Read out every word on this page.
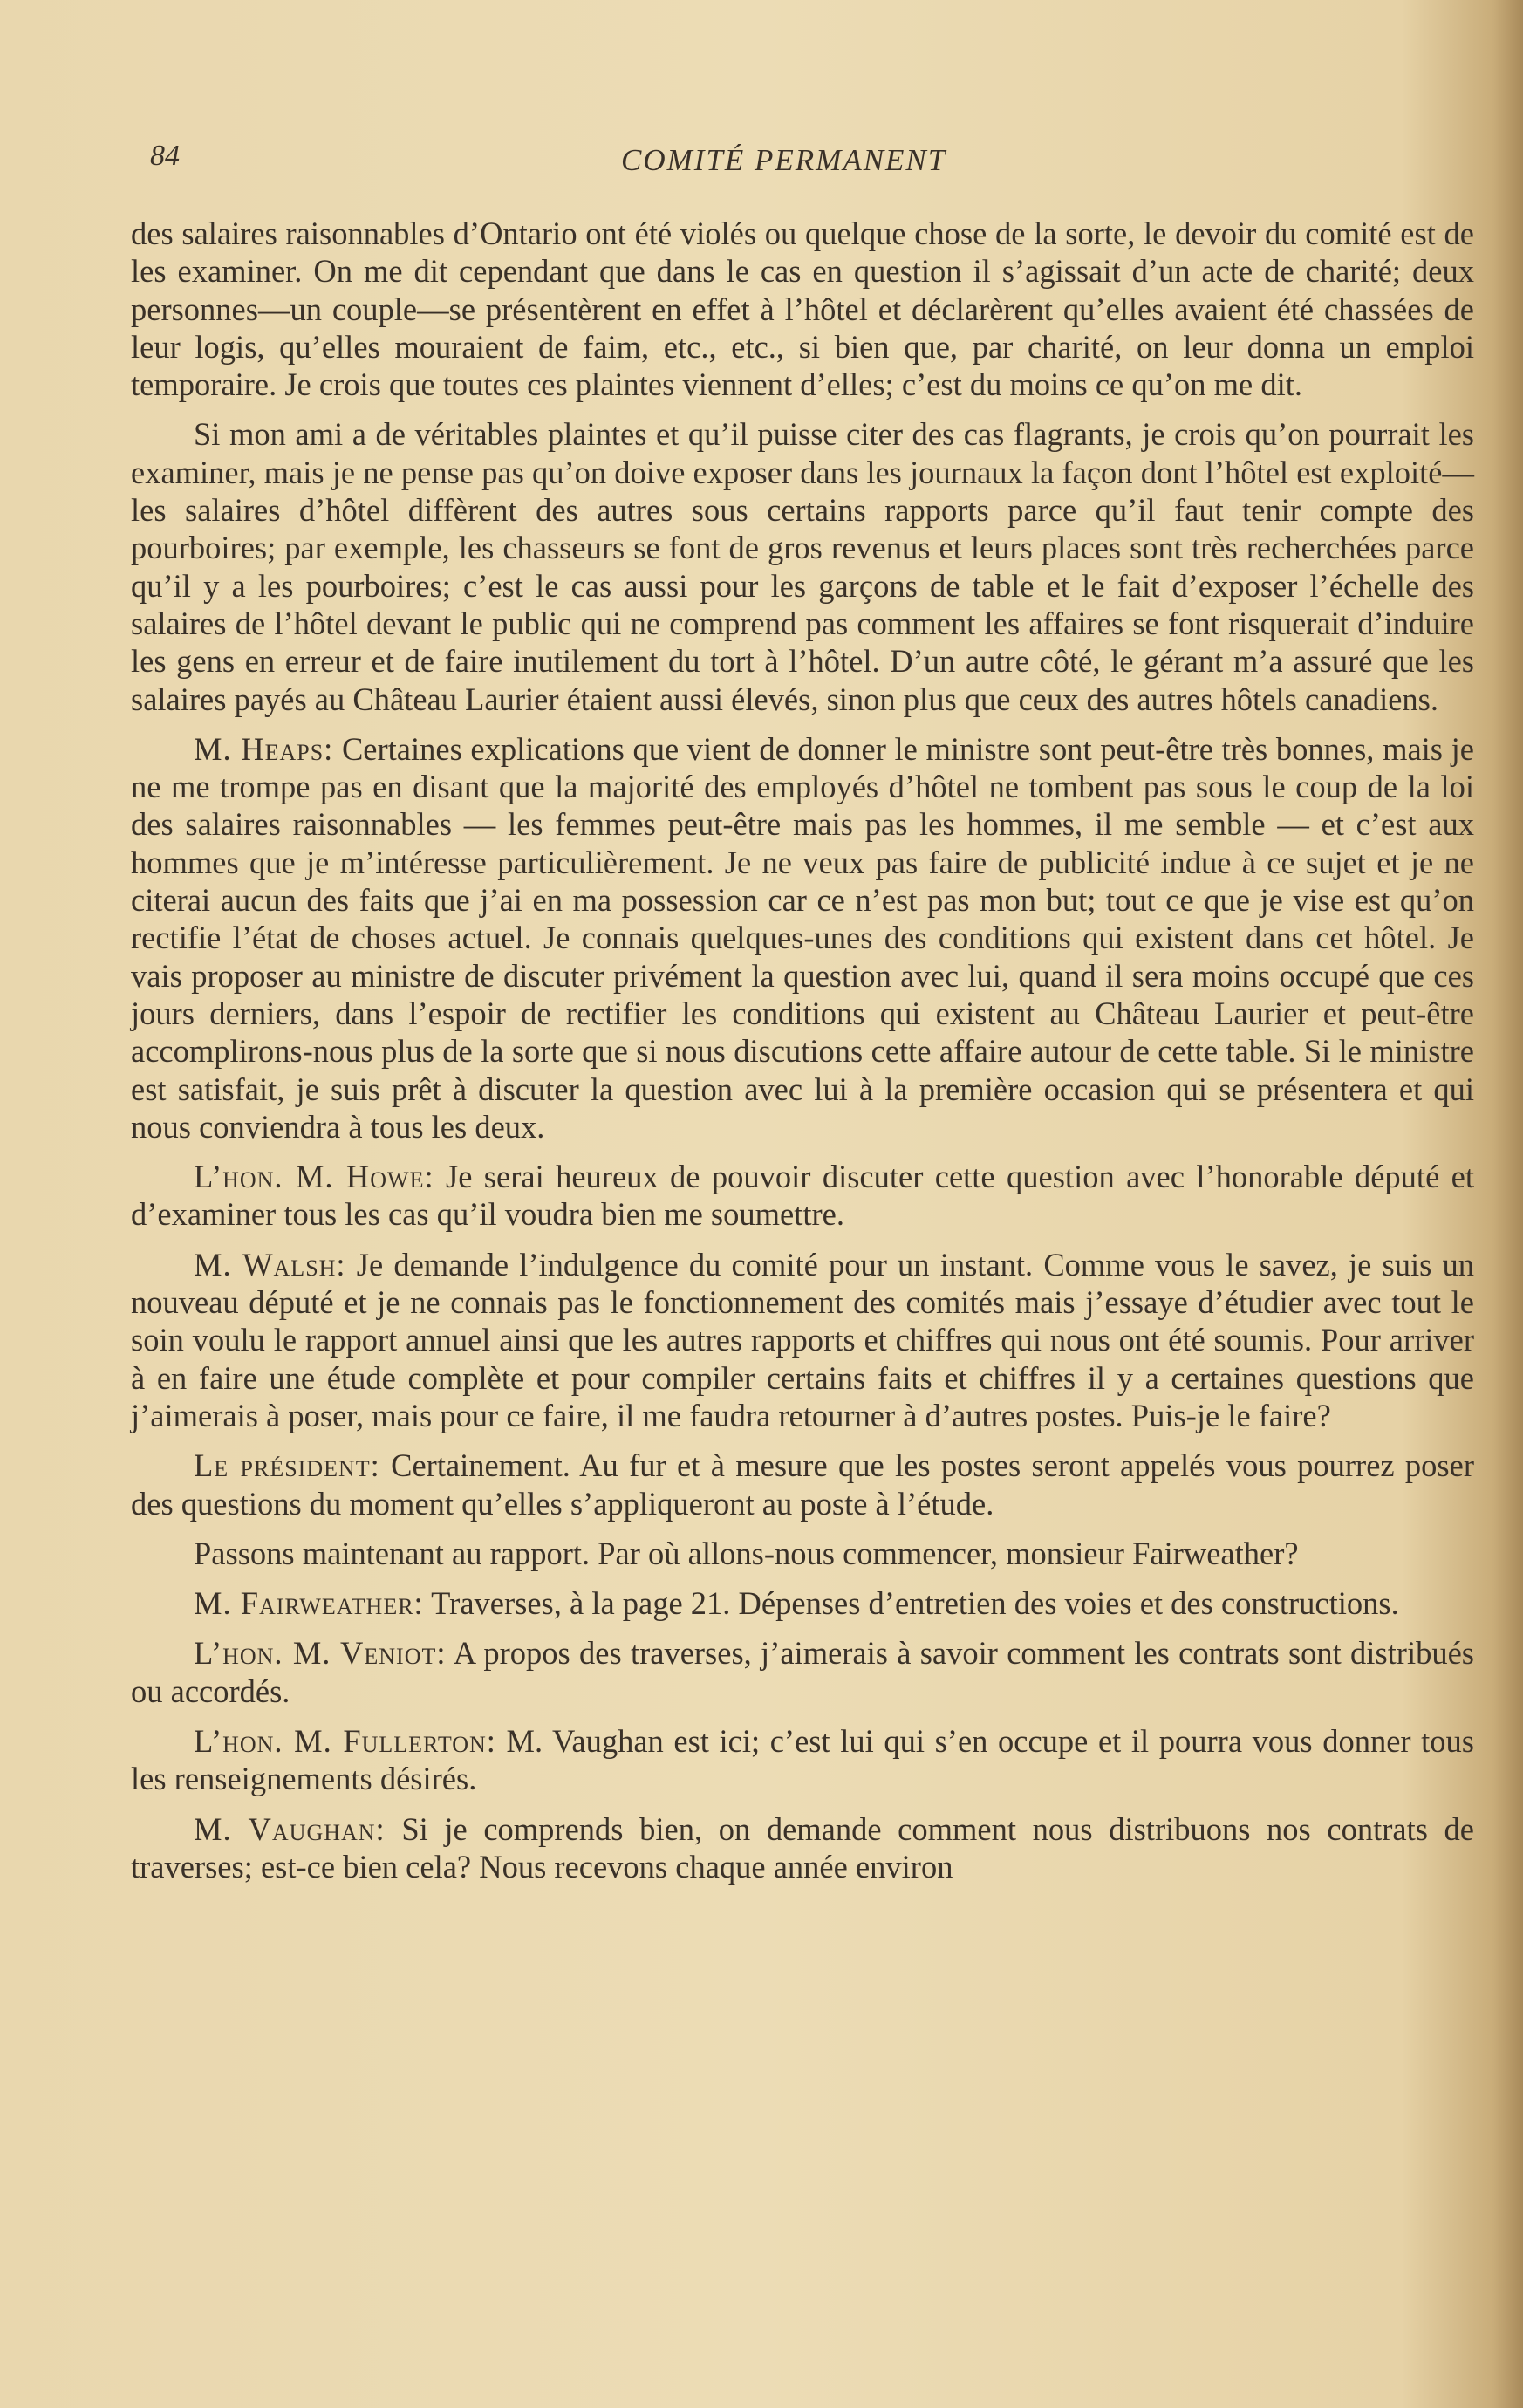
84	COMITÉ PERMANENT

des salaires raisonnables d’Ontario ont été violés ou quelque chose de la sorte, le devoir du comité est de les examiner. On me dit cependant que dans le cas en question il s’agissait d’un acte de charité; deux personnes—un couple—se présentèrent en effet à l’hôtel et déclarèrent qu’elles avaient été chassées de leur logis, qu’elles mouraient de faim, etc., etc., si bien que, par charité, on leur donna un emploi temporaire. Je crois que toutes ces plaintes viennent d’elles; c’est du moins ce qu’on me dit.

Si mon ami a de véritables plaintes et qu’il puisse citer des cas flagrants, je crois qu’on pourrait les examiner, mais je ne pense pas qu’on doive exposer dans les journaux la façon dont l’hôtel est exploité—les salaires d’hôtel diffèrent des autres sous certains rapports parce qu’il faut tenir compte des pourboires; par exemple, les chasseurs se font de gros revenus et leurs places sont très recherchées parce qu’il y a les pourboires; c’est le cas aussi pour les garçons de table et le fait d’exposer l’échelle des salaires de l’hôtel devant le public qui ne comprend pas comment les affaires se font risquerait d’induire les gens en erreur et de faire inutilement du tort à l’hôtel. D’un autre côté, le gérant m’a assuré que les salaires payés au Château Laurier étaient aussi élevés, sinon plus que ceux des autres hôtels canadiens.

M. Heaps: Certaines explications que vient de donner le ministre sont peut-être très bonnes, mais je ne me trompe pas en disant que la majorité des employés d’hôtel ne tombent pas sous le coup de la loi des salaires raisonnables — les femmes peut-être mais pas les hommes, il me semble — et c’est aux hommes que je m’intéresse particulièrement. Je ne veux pas faire de publicité indue à ce sujet et je ne citerai aucun des faits que j’ai en ma possession car ce n’est pas mon but; tout ce que je vise est qu’on rectifie l’état de choses actuel. Je connais quelques-unes des conditions qui existent dans cet hôtel. Je vais proposer au ministre de discuter privément la question avec lui, quand il sera moins occupé que ces jours derniers, dans l’espoir de rectifier les conditions qui existent au Château Laurier et peut-être accomplirons-nous plus de la sorte que si nous discutions cette affaire autour de cette table. Si le ministre est satisfait, je suis prêt à discuter la question avec lui à la première occasion qui se présentera et qui nous conviendra à tous les deux.

L’hon. M. Howe: Je serai heureux de pouvoir discuter cette question avec l’honorable député et d’examiner tous les cas qu’il voudra bien me soumettre.

M. Walsh: Je demande l’indulgence du comité pour un instant. Comme vous le savez, je suis un nouveau député et je ne connais pas le fonctionnement des comités mais j’essaye d’étudier avec tout le soin voulu le rapport annuel ainsi que les autres rapports et chiffres qui nous ont été soumis. Pour arriver à en faire une étude complète et pour compiler certains faits et chiffres il y a certaines questions que j’aimerais à poser, mais pour ce faire, il me faudra retourner à d’autres postes. Puis-je le faire?

Le président: Certainement. Au fur et à mesure que les postes seront appelés vous pourrez poser des questions du moment qu’elles s’appliqueront au poste à l’étude.

Passons maintenant au rapport. Par où allons-nous commencer, monsieur Fairweather?

M. Fairweather: Traverses, à la page 21. Dépenses d’entretien des voies et des constructions.

L’hon. M. Veniot: A propos des traverses, j’aimerais à savoir comment les contrats sont distribués ou accordés.

L’hon. M. Fullerton: M. Vaughan est ici; c’est lui qui s’en occupe et il pourra vous donner tous les renseignements désirés.

M. Vaughan: Si je comprends bien, on demande comment nous distribuons nos contrats de traverses; est-ce bien cela? Nous recevons chaque année environ
